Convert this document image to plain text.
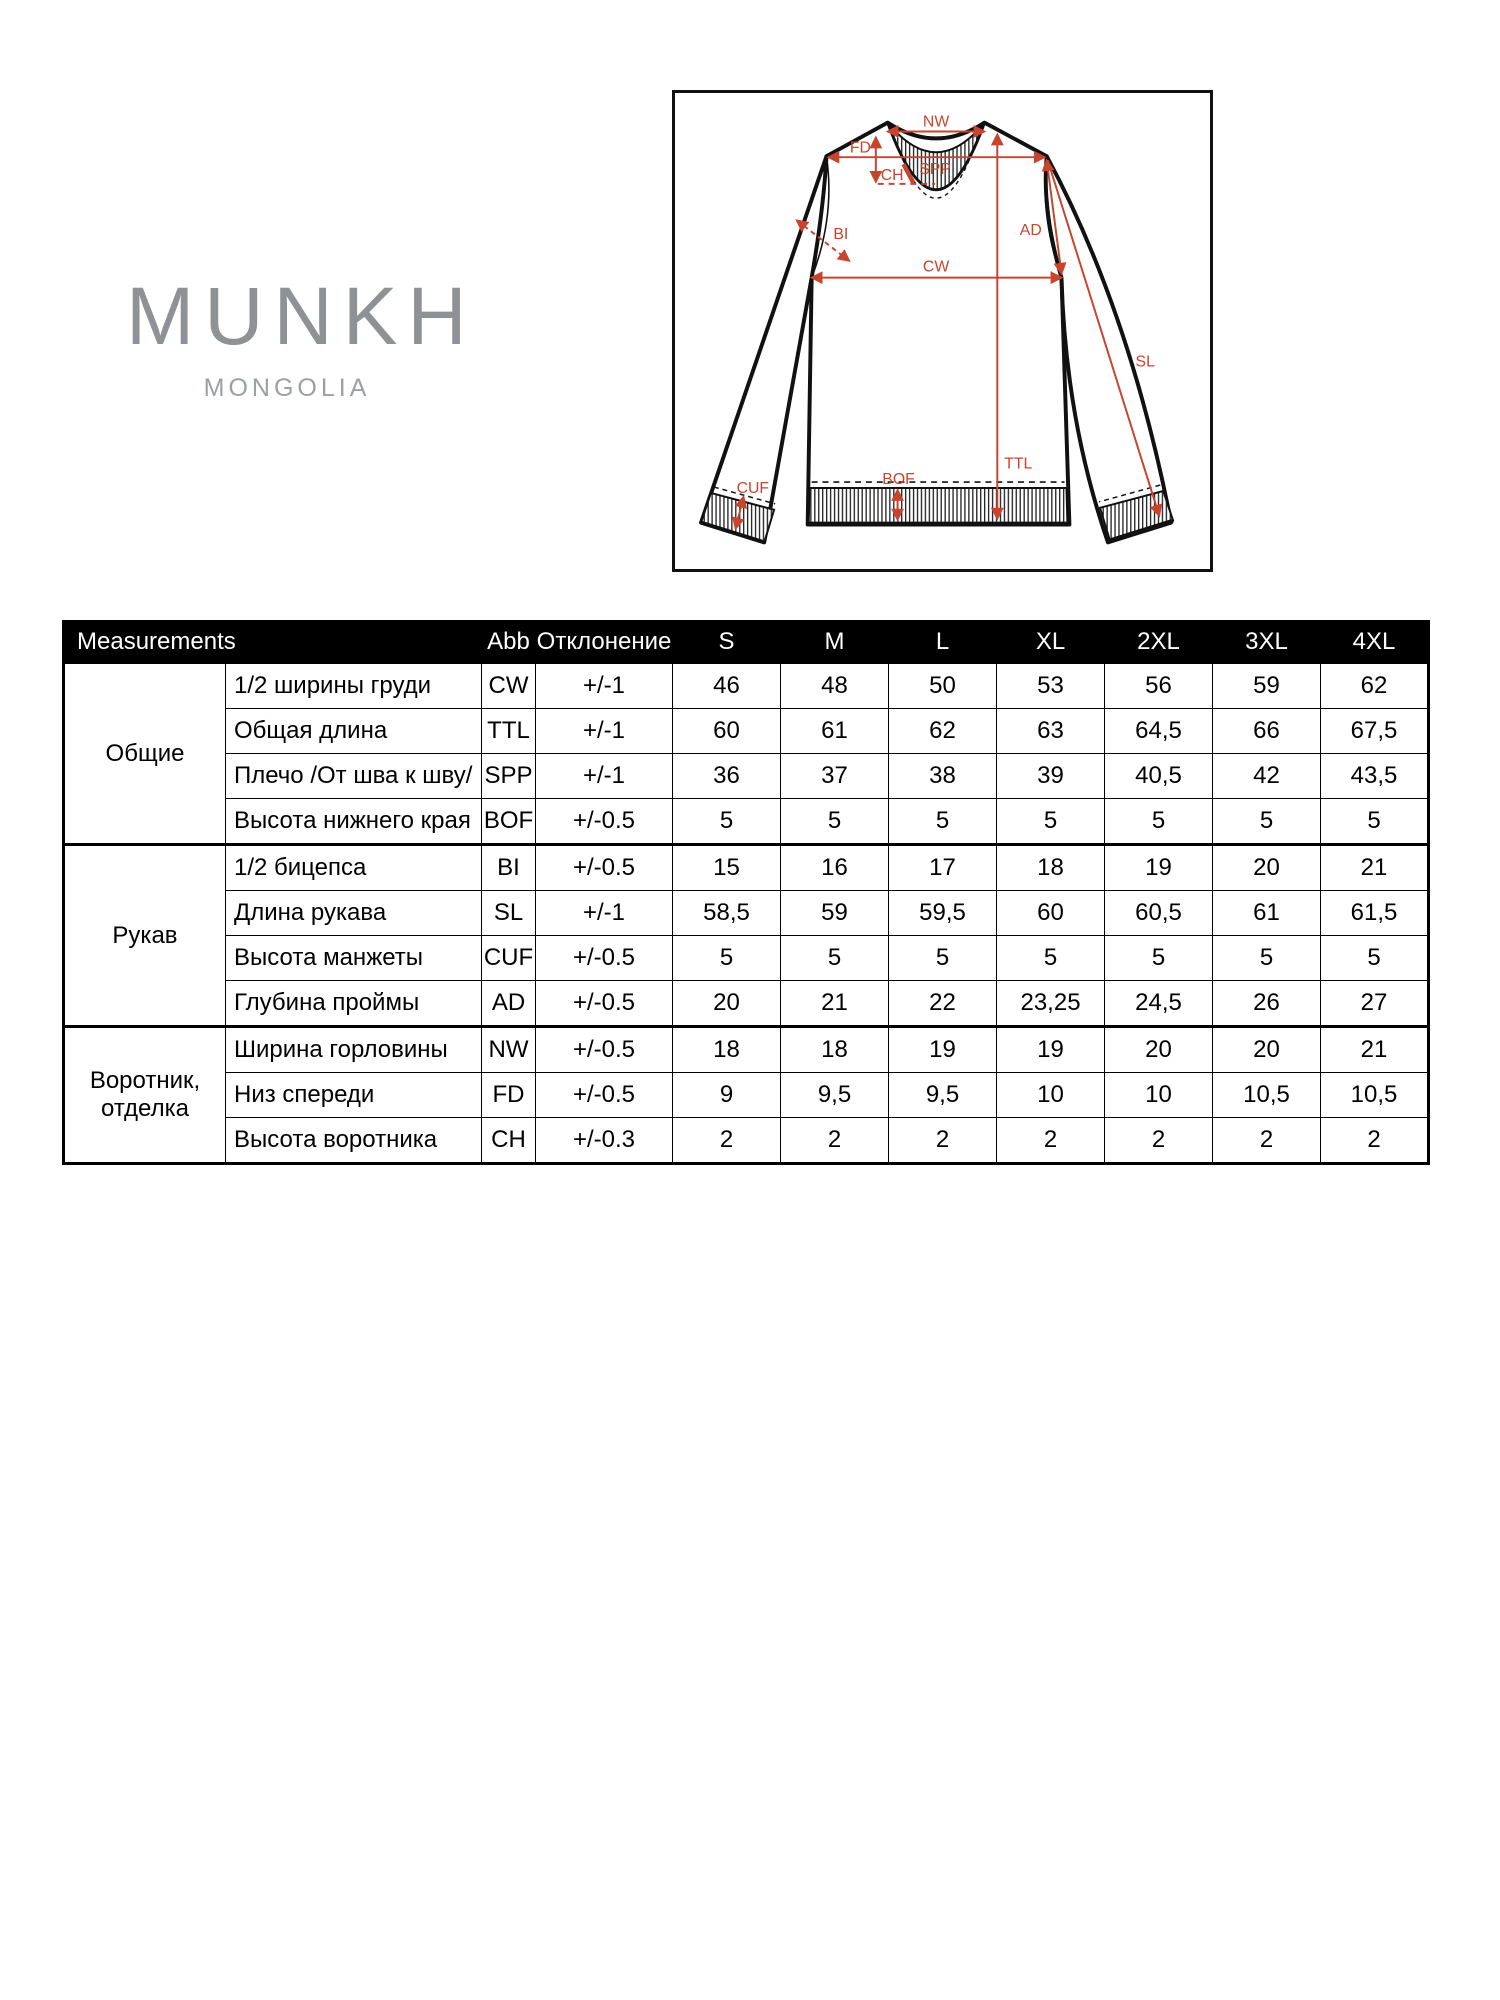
MUNKH
MONGOLIA
NW
FD
SPP
CH
BI
CW
AD
SL
TTL
BOF
CUF
Measurements		Abb	Отклонение	S	M	L	XL	2XL	3XL	4XL
Общие	1/2 ширины груди	CW	+/-1	46	48	50	53	56	59	62
	Общая длина	TTL	+/-1	60	61	62	63	64,5	66	67,5
	Плечо /От шва к шву/	SPP	+/-1	36	37	38	39	40,5	42	43,5
	Высота нижнего края	BOF	+/-0.5	5	5	5	5	5	5	5
Рукав	1/2 бицепса	BI	+/-0.5	15	16	17	18	19	20	21
	Длина рукава	SL	+/-1	58,5	59	59,5	60	60,5	61	61,5
	Высота манжеты	CUF	+/-0.5	5	5	5	5	5	5	5
	Глубина проймы	AD	+/-0.5	20	21	22	23,25	24,5	26	27
Воротник, отделка	Ширина горловины	NW	+/-0.5	18	18	19	19	20	20	21
	Низ спереди	FD	+/-0.5	9	9,5	9,5	10	10	10,5	10,5
	Высота воротника	CH	+/-0.3	2	2	2	2	2	2	2
